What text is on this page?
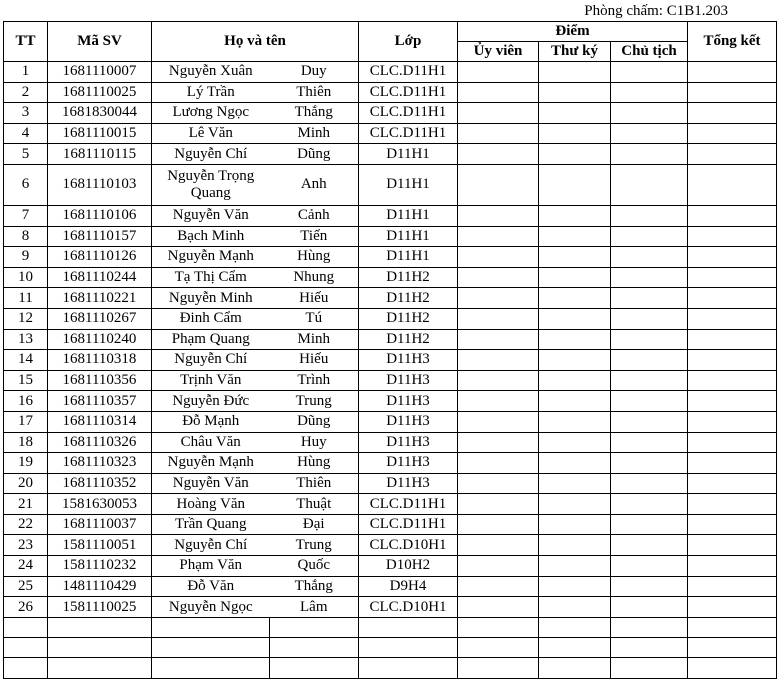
Phòng chấm: C1B1.203
TT	Mã SV	Họ và tên		Lớp	Điểm			Tổng kết
					Ủy viên	Thư ký	Chủ tịch	
1	1681110007	Nguyễn Xuân	Duy	CLC.D11H1				
2	1681110025	Lý Trần	Thiên	CLC.D11H1				
3	1681830044	Lương Ngọc	Thắng	CLC.D11H1				
4	1681110015	Lê Văn	Minh	CLC.D11H1				
5	1681110115	Nguyễn Chí	Dũng	D11H1				
6	1681110103	Nguyễn Trọng Quang	Anh	D11H1				
7	1681110106	Nguyễn Văn	Cảnh	D11H1				
8	1681110157	Bạch Minh	Tiến	D11H1				
9	1681110126	Nguyễn Mạnh	Hùng	D11H1				
10	1681110244	Tạ Thị Cẩm	Nhung	D11H2				
11	1681110221	Nguyễn Minh	Hiếu	D11H2				
12	1681110267	Đinh Cẩm	Tú	D11H2				
13	1681110240	Phạm Quang	Minh	D11H2				
14	1681110318	Nguyễn Chí	Hiếu	D11H3				
15	1681110356	Trịnh Văn	Trình	D11H3				
16	1681110357	Nguyễn Đức	Trung	D11H3				
17	1681110314	Đỗ Mạnh	Dũng	D11H3				
18	1681110326	Châu Văn	Huy	D11H3				
19	1681110323	Nguyễn Mạnh	Hùng	D11H3				
20	1681110352	Nguyễn Văn	Thiên	D11H3				
21	1581630053	Hoàng Văn	Thuật	CLC.D11H1				
22	1681110037	Trần Quang	Đại	CLC.D11H1				
23	1581110051	Nguyễn Chí	Trung	CLC.D10H1				
24	1581110232	Phạm Văn	Quốc	D10H2				
25	1481110429	Đỗ Văn	Thắng	D9H4				
26	1581110025	Nguyễn Ngọc	Lâm	CLC.D10H1				
